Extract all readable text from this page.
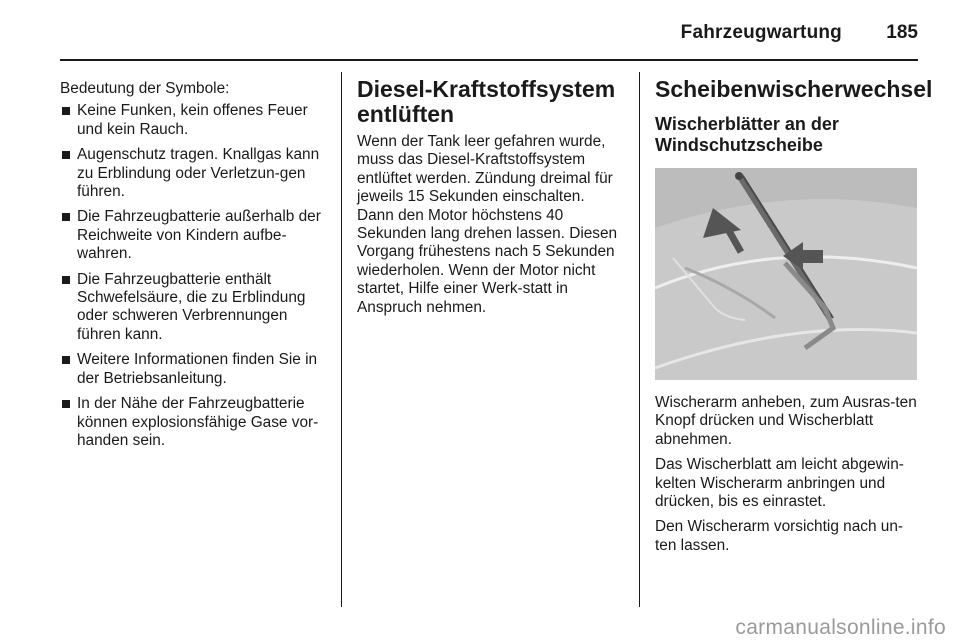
Fahrzeugwartung 185

Bedeutung der Symbole:

Keine Funken, kein offenes Feuer und kein Rauch.
Augenschutz tragen. Knallgas kann zu Erblindung oder Verletzun-gen führen.
Die Fahrzeugbatterie außerhalb der Reichweite von Kindern aufbe-wahren.
Die Fahrzeugbatterie enthält Schwefelsäure, die zu Erblindung oder schweren Verbrennungen führen kann.
Weitere Informationen finden Sie in der Betriebsanleitung.
In der Nähe der Fahrzeugbatterie können explosionsfähige Gase vor-handen sein.
Diesel-Kraftstoffsystem entlüften

Wenn der Tank leer gefahren wurde, muss das Diesel-Kraftstoffsystem entlüftet werden. Zündung dreimal für jeweils 15 Sekunden einschalten. Dann den Motor höchstens 40 Sekunden lang drehen lassen. Diesen Vorgang frühestens nach 5 Sekunden wiederholen. Wenn der Motor nicht startet, Hilfe einer Werk-statt in Anspruch nehmen.

Scheibenwischerwechsel
Wischerblätter an der Windschutzscheibe

Wischerarm anheben, zum Ausras-ten Knopf drücken und Wischerblatt abnehmen.

Das Wischerblatt am leicht abgewin-kelten Wischerarm anbringen und drücken, bis es einrastet.

Den Wischerarm vorsichtig nach un-ten lassen.

carmanualsonline.info
